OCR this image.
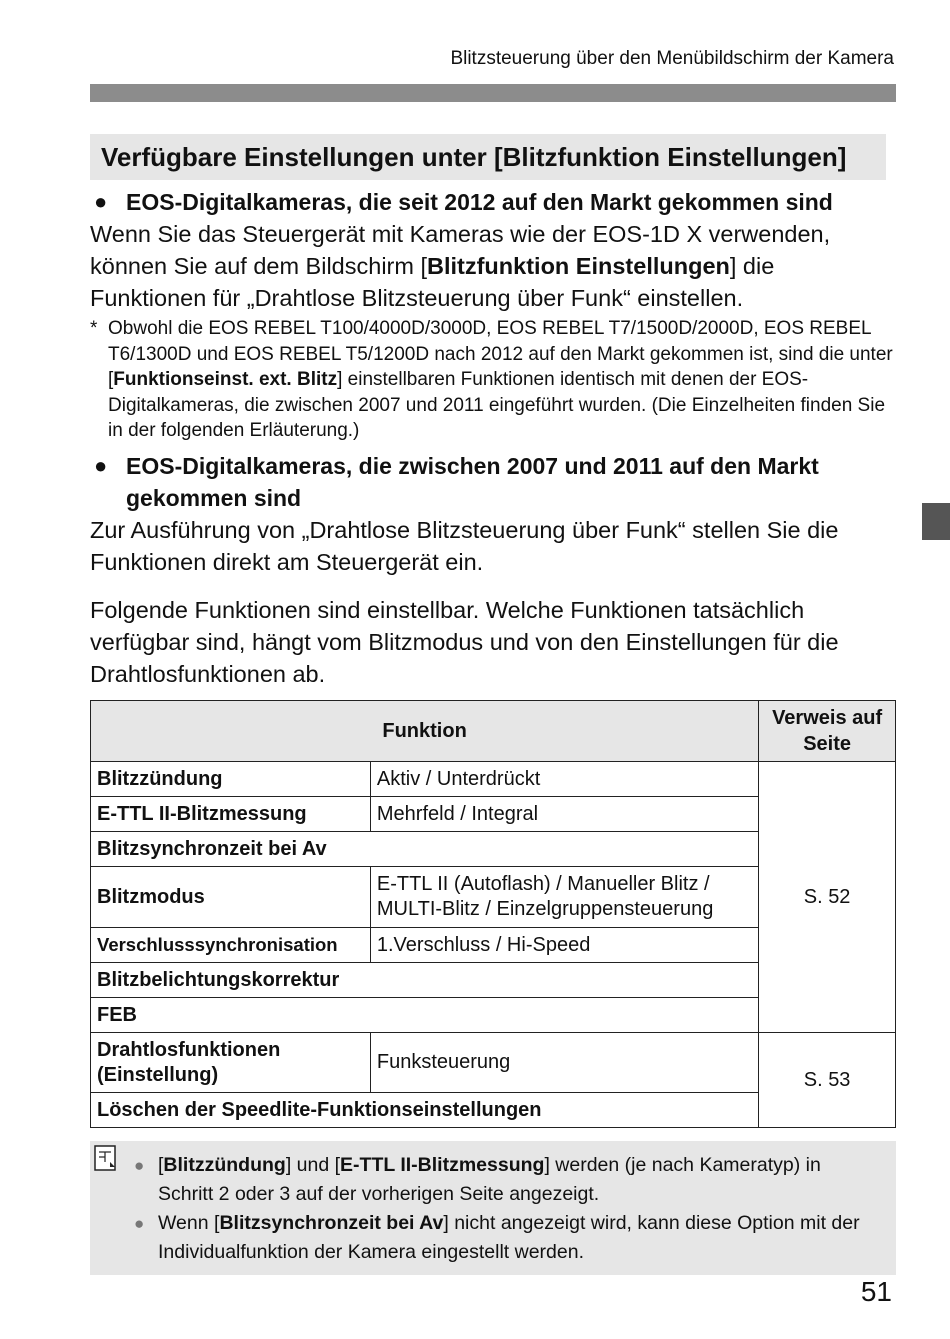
Blitzsteuerung über den Menübildschirm der Kamera
Verfügbare Einstellungen unter [Blitzfunktion Einstellungen]
● EOS-Digitalkameras, die seit 2012 auf den Markt gekommen sind
Wenn Sie das Steuergerät mit Kameras wie der EOS-1D X verwenden, können Sie auf dem Bildschirm [Blitzfunktion Einstellungen] die Funktionen für „Drahtlose Blitzsteuerung über Funk“ einstellen.
* Obwohl die EOS REBEL T100/4000D/3000D, EOS REBEL T7/1500D/2000D, EOS REBEL T6/1300D und EOS REBEL T5/1200D nach 2012 auf den Markt gekommen ist, sind die unter [Funktionseinst. ext. Blitz] einstellbaren Funktionen identisch mit denen der EOS-Digitalkameras, die zwischen 2007 und 2011 eingeführt wurden. (Die Einzelheiten finden Sie in der folgenden Erläuterung.)
● EOS-Digitalkameras, die zwischen 2007 und 2011 auf den Markt gekommen sind
Zur Ausführung von „Drahtlose Blitzsteuerung über Funk“ stellen Sie die Funktionen direkt am Steuergerät ein.
Folgende Funktionen sind einstellbar. Welche Funktionen tatsächlich verfügbar sind, hängt vom Blitzmodus und von den Einstellungen für die Drahtlosfunktionen ab.
Funktion		Verweis auf Seite
Blitzzündung	Aktiv / Unterdrückt	S. 52
E-TTL II-Blitzmessung	Mehrfeld / Integral	
Blitzsynchronzeit bei Av		
Blitzmodus	E-TTL II (Autoflash) / Manueller Blitz / MULTI-Blitz / Einzelgruppensteuerung	
Verschlusssynchronisation	1.Verschluss / Hi-Speed	
Blitzbelichtungskorrektur		
FEB		
Drahtlosfunktionen (Einstellung)	Funksteuerung	S. 53
Löschen der Speedlite-Funktionseinstellungen		
● [Blitzzündung] und [E-TTL II-Blitzmessung] werden (je nach Kameratyp) in Schritt 2 oder 3 auf der vorherigen Seite angezeigt.
● Wenn [Blitzsynchronzeit bei Av] nicht angezeigt wird, kann diese Option mit der Individualfunktion der Kamera eingestellt werden.
51
